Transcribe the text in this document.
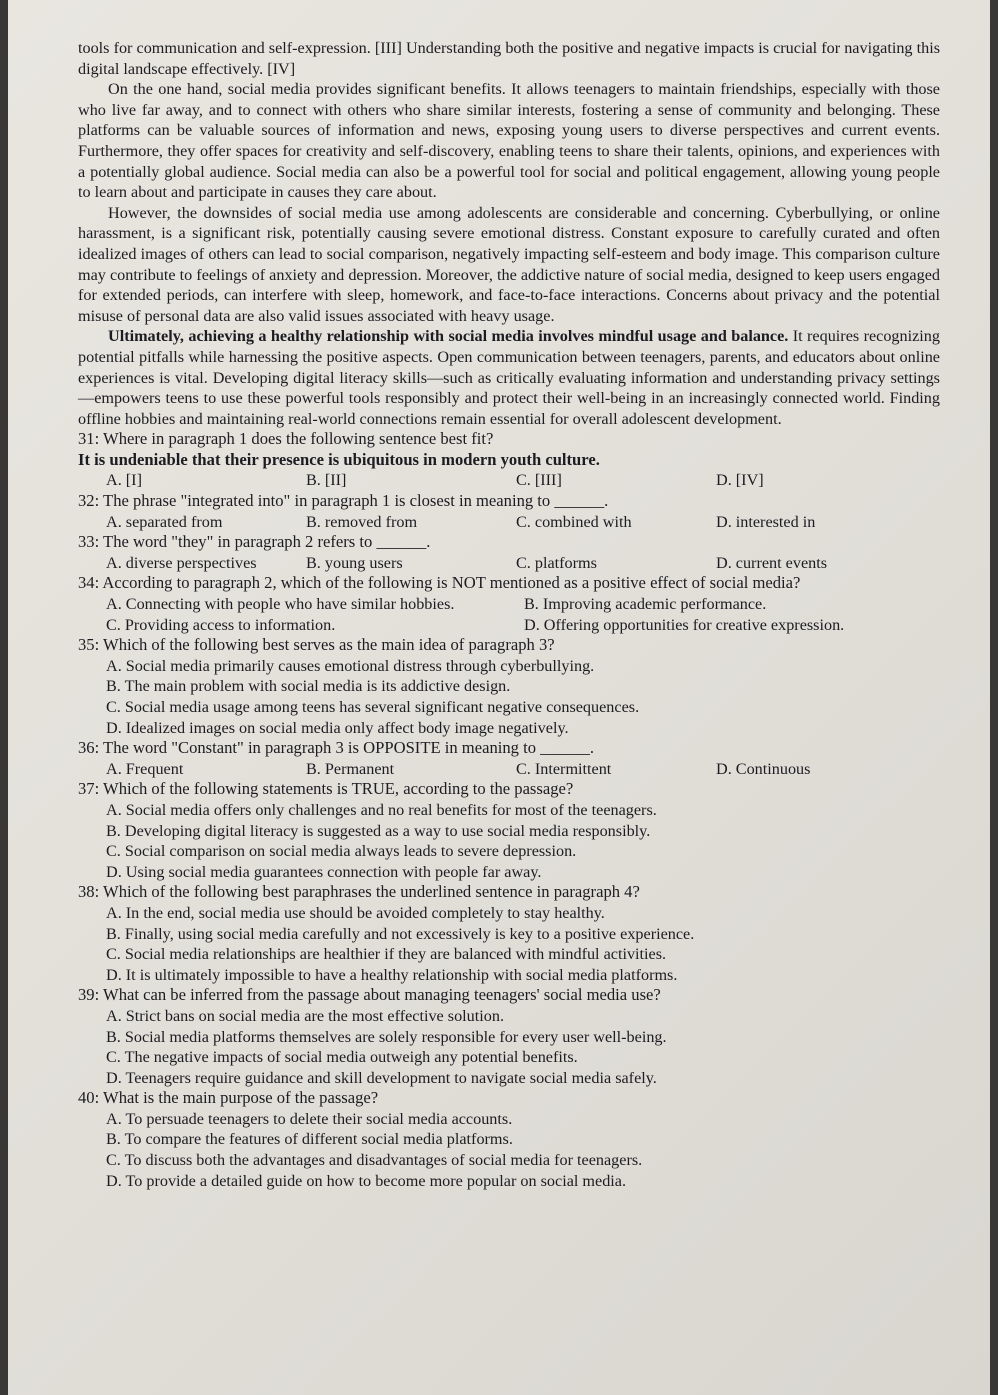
tools for communication and self-expression. [III] Understanding both the positive and negative impacts is crucial for navigating this digital landscape effectively. [IV]

On the one hand, social media provides significant benefits. It allows teenagers to maintain friendships, especially with those who live far away, and to connect with others who share similar interests, fostering a sense of community and belonging. These platforms can be valuable sources of information and news, exposing young users to diverse perspectives and current events. Furthermore, they offer spaces for creativity and self-discovery, enabling teens to share their talents, opinions, and experiences with a potentially global audience. Social media can also be a powerful tool for social and political engagement, allowing young people to learn about and participate in causes they care about.

However, the downsides of social media use among adolescents are considerable and concerning. Cyberbullying, or online harassment, is a significant risk, potentially causing severe emotional distress. Constant exposure to carefully curated and often idealized images of others can lead to social comparison, negatively impacting self-esteem and body image. This comparison culture may contribute to feelings of anxiety and depression. Moreover, the addictive nature of social media, designed to keep users engaged for extended periods, can interfere with sleep, homework, and face-to-face interactions. Concerns about privacy and the potential misuse of personal data are also valid issues associated with heavy usage.

Ultimately, achieving a healthy relationship with social media involves mindful usage and balance. It requires recognizing potential pitfalls while harnessing the positive aspects. Open communication between teenagers, parents, and educators about online experiences is vital. Developing digital literacy skills—such as critically evaluating information and understanding privacy settings—empowers teens to use these powerful tools responsibly and protect their well-being in an increasingly connected world. Finding offline hobbies and maintaining real-world connections remain essential for overall adolescent development.

31: Where in paragraph 1 does the following sentence best fit?

It is undeniable that their presence is ubiquitous in modern youth culture.

A. [I]	B. [II]	C. [III]	D. [IV]

32: The phrase "integrated into" in paragraph 1 is closest in meaning to ______.

A. separated from	B. removed from	C. combined with	D. interested in

33: The word "they" in paragraph 2 refers to ______.

A. diverse perspectives	B. young users	C. platforms	D. current events

34: According to paragraph 2, which of the following is NOT mentioned as a positive effect of social media?

A. Connecting with people who have similar hobbies.	B. Improving academic performance.
C. Providing access to information.	D. Offering opportunities for creative expression.

35: Which of the following best serves as the main idea of paragraph 3?

A. Social media primarily causes emotional distress through cyberbullying.
B. The main problem with social media is its addictive design.
C. Social media usage among teens has several significant negative consequences.
D. Idealized images on social media only affect body image negatively.

36: The word "Constant" in paragraph 3 is OPPOSITE in meaning to ______.

A. Frequent	B. Permanent	C. Intermittent	D. Continuous

37: Which of the following statements is TRUE, according to the passage?

A. Social media offers only challenges and no real benefits for most of the teenagers.
B. Developing digital literacy is suggested as a way to use social media responsibly.
C. Social comparison on social media always leads to severe depression.
D. Using social media guarantees connection with people far away.

38: Which of the following best paraphrases the underlined sentence in paragraph 4?

A. In the end, social media use should be avoided completely to stay healthy.
B. Finally, using social media carefully and not excessively is key to a positive experience.
C. Social media relationships are healthier if they are balanced with mindful activities.
D. It is ultimately impossible to have a healthy relationship with social media platforms.

39: What can be inferred from the passage about managing teenagers' social media use?

A. Strict bans on social media are the most effective solution.
B. Social media platforms themselves are solely responsible for every user well-being.
C. The negative impacts of social media outweigh any potential benefits.
D. Teenagers require guidance and skill development to navigate social media safely.

40: What is the main purpose of the passage?

A. To persuade teenagers to delete their social media accounts.
B. To compare the features of different social media platforms.
C. To discuss both the advantages and disadvantages of social media for teenagers.
D. To provide a detailed guide on how to become more popular on social media.
